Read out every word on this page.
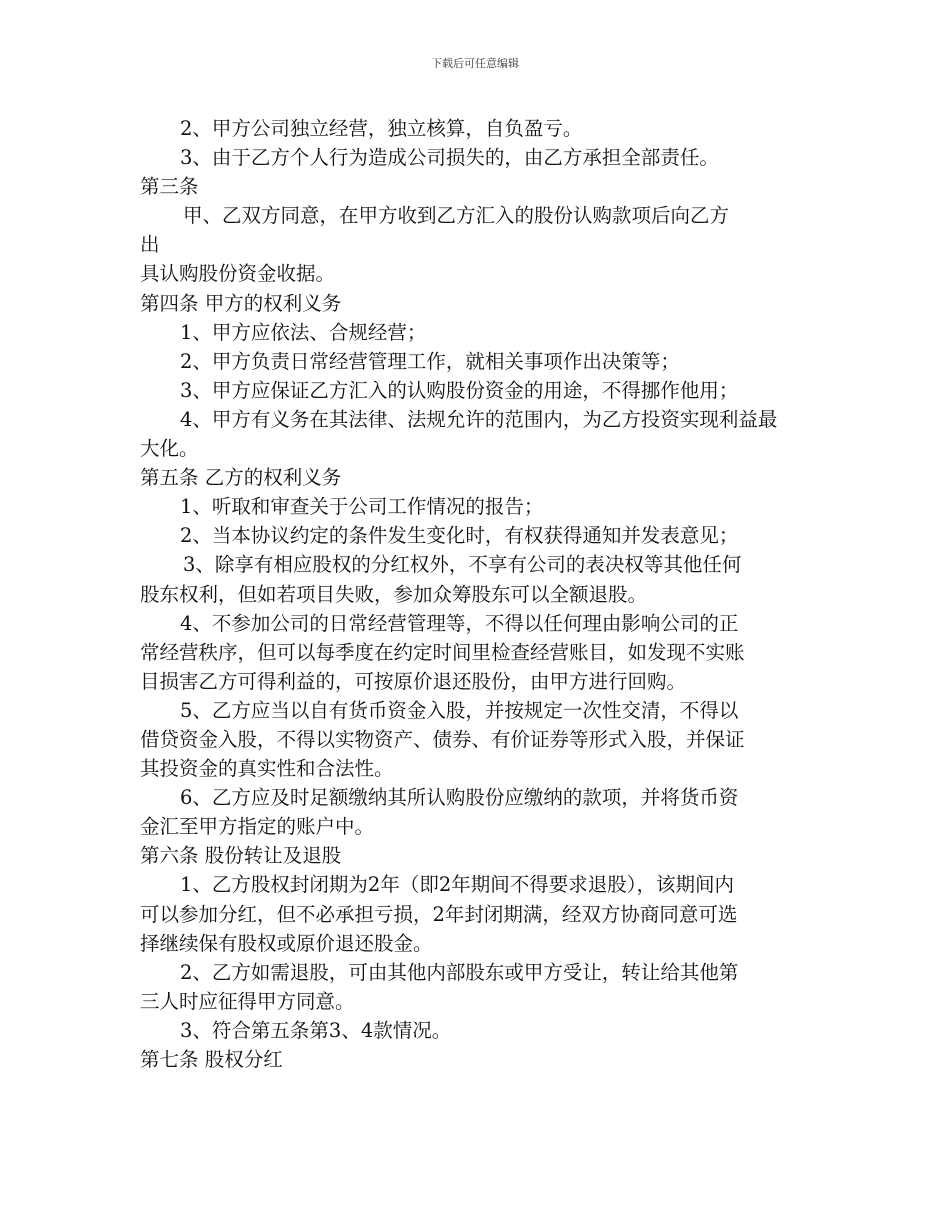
下载后可任意编辑
2、甲方公司独立经营，独立核算，自负盈亏。
3、由于乙方个人行为造成公司损失的，由乙方承担全部责任。
第三条
甲、乙双方同意，在甲方收到乙方汇入的股份认购款项后向乙方
出
具认购股份资金收据。
第四条 甲方的权利义务
1、甲方应依法、合规经营；
2、甲方负责日常经营管理工作，就相关事项作出决策等；
3、甲方应保证乙方汇入的认购股份资金的用途，不得挪作他用；
4、甲方有义务在其法律、法规允许的范围内，为乙方投资实现利益最
大化。
第五条 乙方的权利义务
1、听取和审查关于公司工作情况的报告；
2、当本协议约定的条件发生变化时，有权获得通知并发表意见；
3、除享有相应股权的分红权外，不享有公司的表决权等其他任何
股东权利，但如若项目失败，参加众筹股东可以全额退股。
4、不参加公司的日常经营管理等，不得以任何理由影响公司的正
常经营秩序，但可以每季度在约定时间里检查经营账目，如发现不实账
目损害乙方可得利益的，可按原价退还股份，由甲方进行回购。
5、乙方应当以自有货币资金入股，并按规定一次性交清，不得以
借贷资金入股，不得以实物资产、债券、有价证券等形式入股，并保证
其投资金的真实性和合法性。
6、乙方应及时足额缴纳其所认购股份应缴纳的款项，并将货币资
金汇至甲方指定的账户中。
第六条 股份转让及退股
1、乙方股权封闭期为2年（即2年期间不得要求退股），该期间内
可以参加分红，但不必承担亏损，2年封闭期满，经双方协商同意可选
择继续保有股权或原价退还股金。
2、乙方如需退股，可由其他内部股东或甲方受让，转让给其他第
三人时应征得甲方同意。
3、符合第五条第3、4款情况。
第七条 股权分红
